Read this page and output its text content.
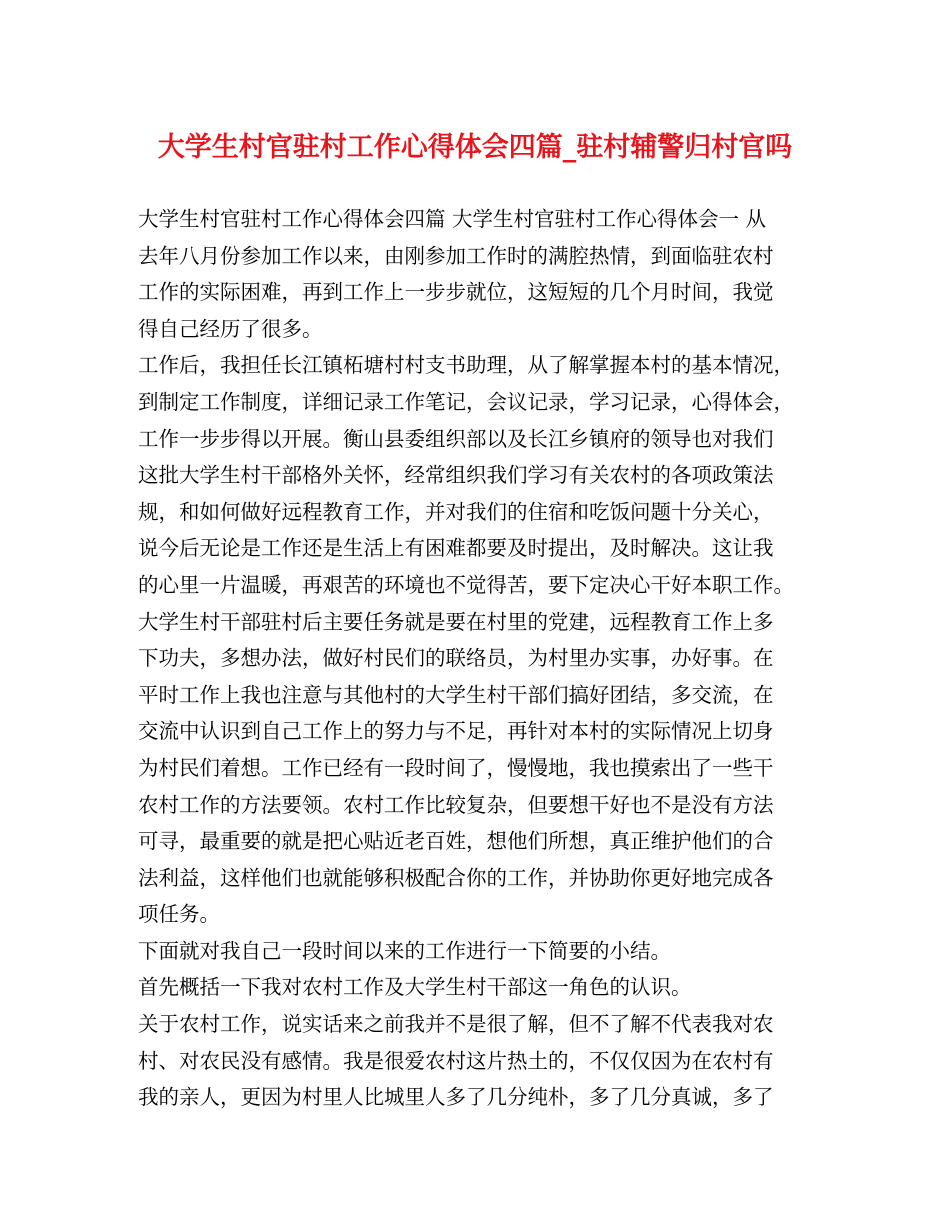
大学生村官驻村工作心得体会四篇_驻村辅警归村官吗
大学生村官驻村工作心得体会四篇 大学生村官驻村工作心得体会一 从
去年八月份参加工作以来，由刚参加工作时的满腔热情，到面临驻农村
工作的实际困难，再到工作上一步步就位，这短短的几个月时间，我觉
得自己经历了很多。
工作后，我担任长江镇柘塘村村支书助理，从了解掌握本村的基本情况，
到制定工作制度，详细记录工作笔记，会议记录，学习记录，心得体会，
工作一步步得以开展。衡山县委组织部以及长江乡镇府的领导也对我们
这批大学生村干部格外关怀，经常组织我们学习有关农村的各项政策法
规，和如何做好远程教育工作，并对我们的住宿和吃饭问题十分关心，
说今后无论是工作还是生活上有困难都要及时提出，及时解决。这让我
的心里一片温暖，再艰苦的环境也不觉得苦，要下定决心干好本职工作。
大学生村干部驻村后主要任务就是要在村里的党建，远程教育工作上多
下功夫，多想办法，做好村民们的联络员，为村里办实事，办好事。在
平时工作上我也注意与其他村的大学生村干部们搞好团结，多交流，在
交流中认识到自己工作上的努力与不足，再针对本村的实际情况上切身
为村民们着想。工作已经有一段时间了，慢慢地，我也摸索出了一些干
农村工作的方法要领。农村工作比较复杂，但要想干好也不是没有方法
可寻，最重要的就是把心贴近老百姓，想他们所想，真正维护他们的合
法利益，这样他们也就能够积极配合你的工作，并协助你更好地完成各
项任务。
下面就对我自己一段时间以来的工作进行一下简要的小结。
首先概括一下我对农村工作及大学生村干部这一角色的认识。
关于农村工作，说实话来之前我并不是很了解，但不了解不代表我对农
村、对农民没有感情。我是很爱农村这片热土的，不仅仅因为在农村有
我的亲人，更因为村里人比城里人多了几分纯朴，多了几分真诚，多了
